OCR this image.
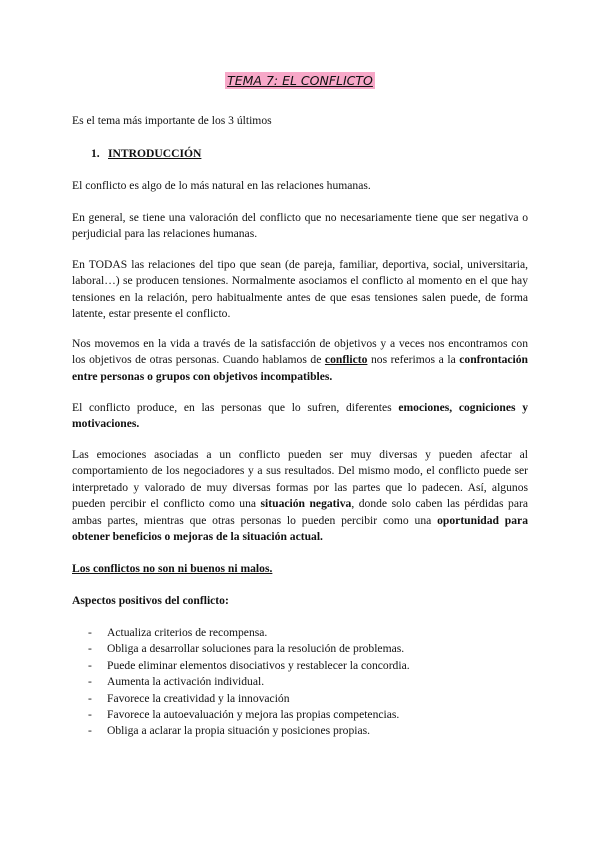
TEMA 7: EL CONFLICTO

Es el tema más importante de los 3 últimos

1. INTRODUCCIÓN

El conflicto es algo de lo más natural en las relaciones humanas.

En general, se tiene una valoración del conflicto que no necesariamente tiene que ser negativa o perjudicial para las relaciones humanas.

En TODAS las relaciones del tipo que sean (de pareja, familiar, deportiva, social, universitaria, laboral…) se producen tensiones. Normalmente asociamos el conflicto al momento en el que hay tensiones en la relación, pero habitualmente antes de que esas tensiones salen puede, de forma latente, estar presente el conflicto.

Nos movemos en la vida a través de la satisfacción de objetivos y a veces nos encontramos con los objetivos de otras personas. Cuando hablamos de conflicto nos referimos a la confrontación entre personas o grupos con objetivos incompatibles.

El conflicto produce, en las personas que lo sufren, diferentes emociones, cogniciones y motivaciones.

Las emociones asociadas a un conflicto pueden ser muy diversas y pueden afectar al comportamiento de los negociadores y a sus resultados. Del mismo modo, el conflicto puede ser interpretado y valorado de muy diversas formas por las partes que lo padecen. Así, algunos pueden percibir el conflicto como una situación negativa, donde solo caben las pérdidas para ambas partes, mientras que otras personas lo pueden percibir como una oportunidad para obtener beneficios o mejoras de la situación actual.

Los conflictos no son ni buenos ni malos.

Aspectos positivos del conflicto:

- Actualiza criterios de recompensa.
- Obliga a desarrollar soluciones para la resolución de problemas.
- Puede eliminar elementos disociativos y restablecer la concordia.
- Aumenta la activación individual.
- Favorece la creatividad y la innovación
- Favorece la autoevaluación y mejora las propias competencias.
- Obliga a aclarar la propia situación y posiciones propias.
